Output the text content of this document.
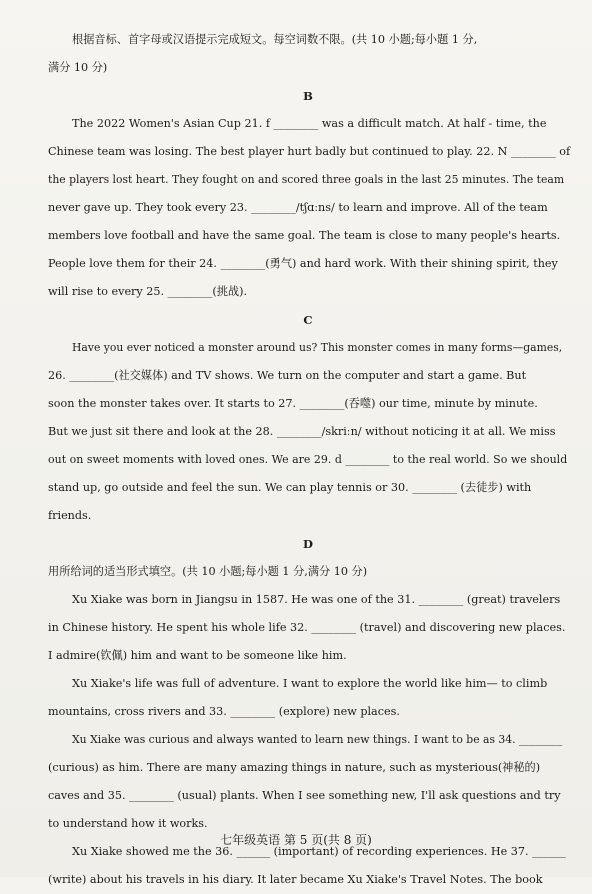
根据音标、首字母或汉语提示完成短文。每空词数不限。(共 10 小题;每小题 1 分,

满分 10 分)

B

The 2022 Women's Asian Cup 21. f ________ was a difficult match. At half - time, the

Chinese team was losing. The best player hurt badly but continued to play. 22. N ________ of

the players lost heart. They fought on and scored three goals in the last 25 minutes. The team

never gave up. They took every 23. ________/tʃɑːns/ to learn and improve. All of the team

members love football and have the same goal. The team is close to many people's hearts.

People love them for their 24. ________(勇气) and hard work. With their shining spirit, they

will rise to every 25. ________(挑战).

C

Have you ever noticed a monster around us? This monster comes in many forms—games,

26. ________(社交媒体) and TV shows. We turn on the computer and start a game. But

soon the monster takes over. It starts to 27. ________(吞噬) our time, minute by minute.

But we just sit there and look at the 28. ________/skriːn/ without noticing it at all. We miss

out on sweet moments with loved ones. We are 29. d ________ to the real world. So we should

stand up, go outside and feel the sun. We can play tennis or 30. ________ (去徒步) with

friends.

D

用所给词的适当形式填空。(共 10 小题;每小题 1 分,满分 10 分)

Xu Xiake was born in Jiangsu in 1587. He was one of the 31. ________ (great) travelers

in Chinese history. He spent his whole life 32. ________ (travel) and discovering new places.

I admire(钦佩) him and want to be someone like him.

Xu Xiake's life was full of adventure. I want to explore the world like him— to climb

mountains, cross rivers and 33. ________ (explore) new places.

Xu Xiake was curious and always wanted to learn new things. I want to be as 34. ________

(curious) as him. There are many amazing things in nature, such as mysterious(神秘的)

caves and 35. ________ (usual) plants. When I see something new, I'll ask questions and try

to understand how it works.

Xu Xiake showed me the 36. ______ (important) of recording experiences. He 37. ______

(write) about his travels in his diary. It later became Xu Xiake's Travel Notes. The book

七年级英语 第 5 页(共 8 页)
